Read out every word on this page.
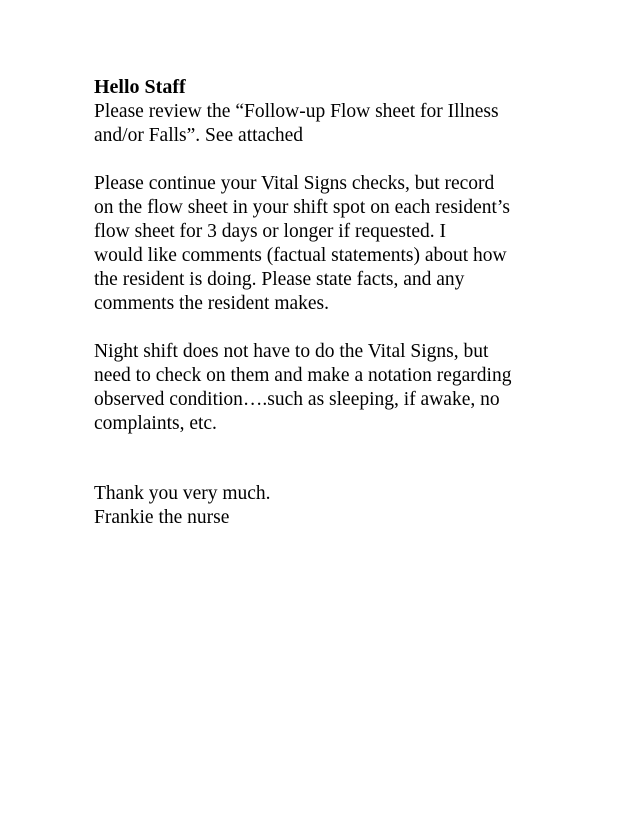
Hello Staff

Please review the “Follow-up Flow sheet for Illness
and/or Falls”. See attached

Please continue your Vital Signs checks, but record
on the flow sheet in your shift spot on each resident’s
flow sheet for 3 days or longer if requested. I
would like comments (factual statements) about how
the resident is doing. Please state facts, and any
comments the resident makes.

Night shift does not have to do the Vital Signs, but
need to check on them and make a notation regarding
observed condition….such as sleeping, if awake, no
complaints, etc.

Thank you very much.

Frankie the nurse
